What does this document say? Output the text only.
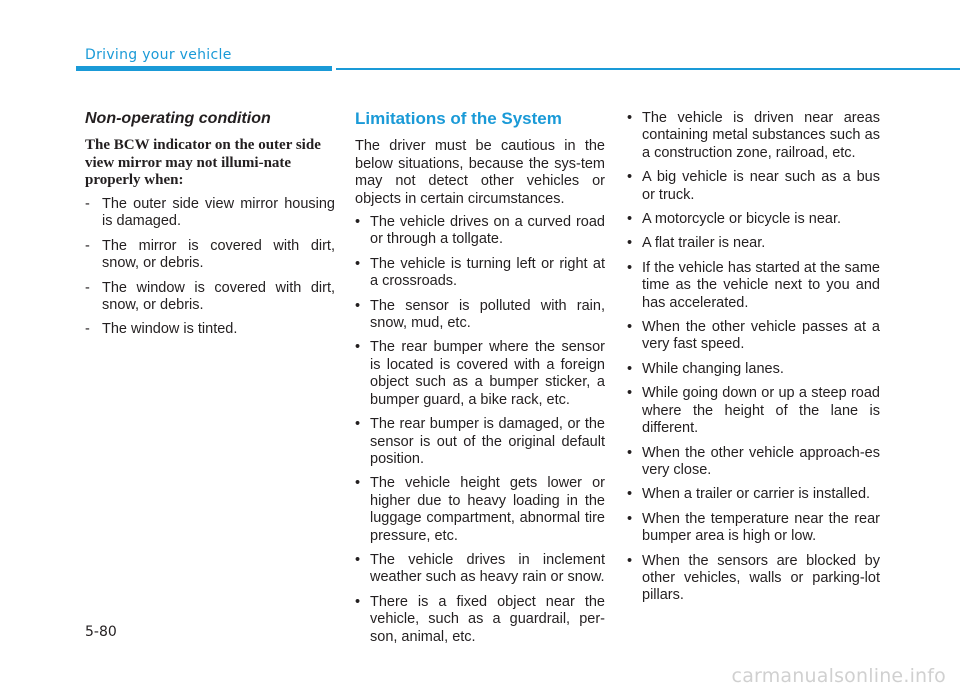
Driving your vehicle
Non-operating condition
The BCW indicator on the outer side view mirror may not illumi-nate properly when:
- The outer side view mirror housing is damaged.
- The mirror is covered with dirt, snow, or debris.
- The window is covered with dirt, snow, or debris.
- The window is tinted.
Limitations of the System
The driver must be cautious in the below situations, because the sys-tem may not detect other vehicles or objects in certain circumstances.
• The vehicle drives on a curved road or through a tollgate.
• The vehicle is turning left or right at a crossroads.
• The sensor is polluted with rain, snow, mud, etc.
• The rear bumper where the sensor is located is covered with a foreign object such as a bumper sticker, a bumper guard, a bike rack, etc.
• The rear bumper is damaged, or the sensor is out of the original default position.
• The vehicle height gets lower or higher due to heavy loading in the luggage compartment, abnormal tire pressure, etc.
• The vehicle drives in inclement weather such as heavy rain or snow.
• There is a fixed object near the vehicle, such as a guardrail, per-son, animal, etc.
• The vehicle is driven near areas containing metal substances such as a construction zone, railroad, etc.
• A big vehicle is near such as a bus or truck.
• A motorcycle or bicycle is near.
• A flat trailer is near.
• If the vehicle has started at the same time as the vehicle next to you and has accelerated.
• When the other vehicle passes at a very fast speed.
• While changing lanes.
• While going down or up a steep road where the height of the lane is different.
• When the other vehicle approach-es very close.
• When a trailer or carrier is installed.
• When the temperature near the rear bumper area is high or low.
• When the sensors are blocked by other vehicles, walls or parking-lot pillars.
5-80
carmanualsonline.info
